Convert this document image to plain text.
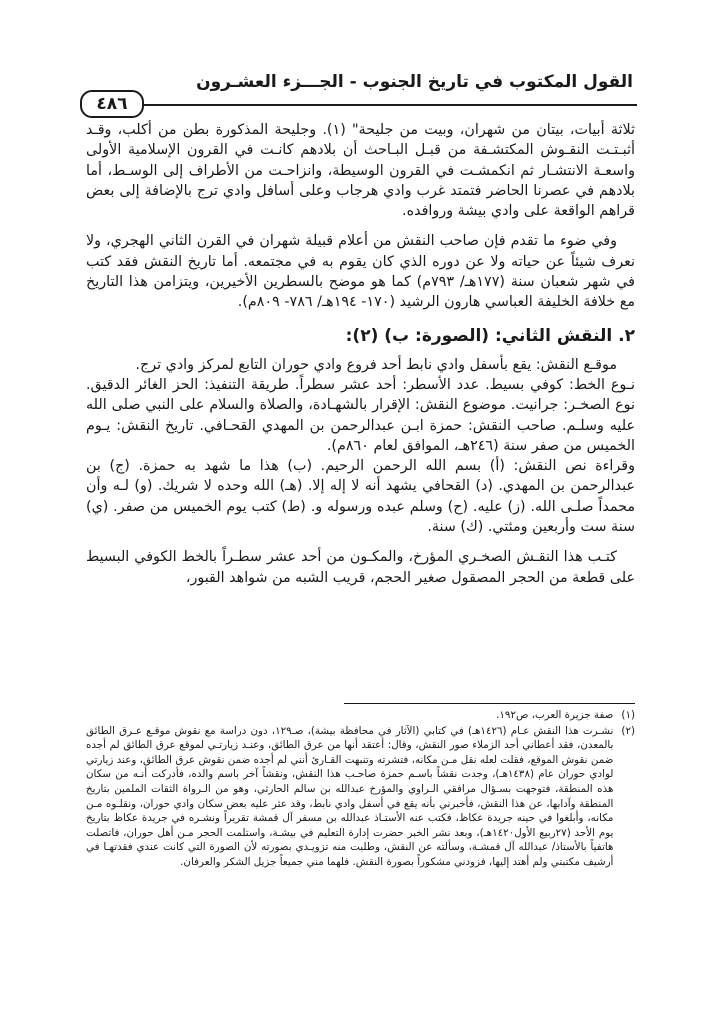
القول المكتوب في تاريخ الجنوب - الجـــزء العشـرون
٤٨٦

ثلاثة أبيات، بيتان من شهران، وبيت من جليحة" (١). وجليحة المذكورة بطن من أكلب، وقـد أثبـتـت النقـوش المكتشـفة من قبـل البـاحث أن بلادهم كانـت في القرون الإسلامية الأولى واسعـة الانتشـار ثم انكمشـت في القرون الوسيطة، وانزاحـت من الأطراف إلى الوسـط، أما بلادهم في عصرنا الحاضر فتمتد غرب وادي هرجاب وعلى أسافل وادي ترج بالإضافة إلى بعض قراهم الواقعة على وادي بيشة وروافده.

وفي ضوء ما تقدم فإن صاحب النقش من أعلام قبيلة شهران في القرن الثاني الهجري، ولا نعرف شيئاً عن حياته ولا عن دوره الذي كان يقوم به في مجتمعه. أما تاريخ النقش فقد كتب في شهر شعبان سنة (١٧٧هـ/ ٧٩٣م) كما هو موضح بالسطرين الأخيرين، ويتزامن هذا التاريخ مع خلافة الخليفة العباسي هارون الرشيد (١٧٠- ١٩٤هـ/ ٧٨٦- ٨٠٩م).

٢. النقش الثاني: (الصورة: ب) (٢):

موقـع النقش: يقع بأسفل وادي نابط أحد فروع وادي حوران التابع لمركز وادي ترج.

نـوع الخط: كوفي بسيط. عدد الأسطر: أحد عشر سطراً. طريقة التنفيذ: الحز الغائر الدقيق. نوع الصخـر: جرانيت. موضوع النقش: الإقرار بالشهـادة، والصلاة والسلام على النبي صلى الله عليه وسلـم. صاحب النقش: حمزة ابـن عبدالرحمن بن المهدي القحـافي. تاريخ النقش: يـوم الخميس من صفر سنة (٢٤٦هـ، الموافق لعام ٨٦٠م).

وقراءة نص النقش: (أ) بسم الله الرحمن الرحيم. (ب) هذا ما شهد به حمزة. (ج) بن عبدالرحمن بن المهدي. (د) القحافي يشهد أنه لا إله إلا. (هـ) الله وحده لا شريك. (و) لـه وأن محمداً صلـى الله. (ز) عليه. (ح) وسلم عبده ورسوله و. (ط) كتب يوم الخميس من صفر. (ي) سنة ست وأربعين ومئتي. (ك) سنة.

كتـب هذا النقـش الصخـري المؤرخ، والمكـون من أحد عشر سطـراً بالخط الكوفي البسيط على قطعة من الحجر المصقول صغير الحجم، قريب الشبه من شواهد القبور،

(١)
صفة جزيرة العرب، ص١٩٢.
(٢)
نشـرت هذا النقش عـام (١٤٢٦هـ) في كتابي (الآثار في محافظة بيشة)، صـ١٢٩، دون دراسة مع نقوش موقـع عـرق الطائق بالمعدن، فقد أعطاني أحد الزملاء صور النقش، وقال: أعتقد أنها من عرق الطائق، وعنـد زيارتـي لموقع عرق الطائق لم أجده ضمن نقوش الموقع، فقلت لعله نقل مـن مكانه، فتشرته وتنبهت القـارئ أنني لم أجده ضمن نقوش عرق الطائق، وعند زيارتي لوادي حوران عام (١٤٣٨هـ)، وجدت نقشاً باسـم حمزة صاحـب هذا النقش، ونقشاً آخر باسم والده، فأدركت أنـه من سكان هذه المنطقة، فتوجهت بسـؤال مرافقي الـراوي والمؤرخ عبدالله بن سالم الحارثي، وهو من الـرواة الثقات الملمين بتاريخ المنطقة وآدابها، عن هذا النقش، فأخبرني بأنه يقع في أسفل وادي نابط، وقد عثر عليه بعض سكان وادي حوران، ونقلـوه مـن مكانه، وأبلغوا في حينه جريدة عكاظ، فكتب عنه الأستـاذ عبدالله بن مسفر آل قمشة تقريراً ونشـره في جريدة عكاظ بتاريخ يوم الأحد (٢٧ربيع الأول١٤٢٠هـ)، وبعد نشر الخبر حضرت إدارة التعليم في بيشـة، واستلمت الحجر مـن أهل حوران، فاتصلت هاتفياً بالأستاذ/ عبدالله آل قمشـة، وسألته عن النقش، وطلبت منه تزويـدي بصورته لأن الصورة التي كانت عندي فقدتهـا في أرشيف مكتبتي ولم أهتد إليها، فزودني مشكوراً بصورة النقش. فلهما مني جميعاً جزيل الشكر والعرفان.
